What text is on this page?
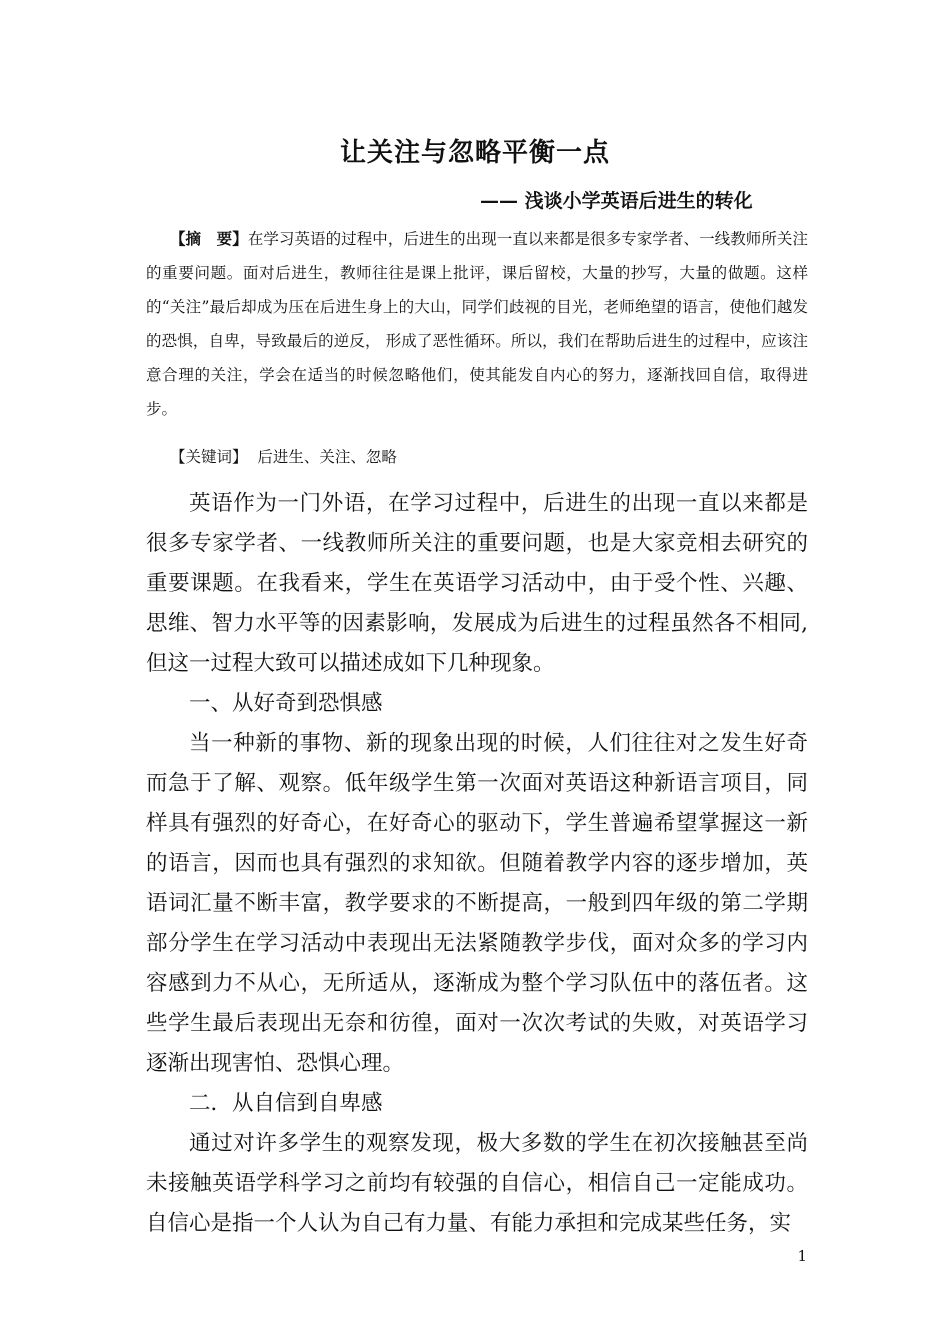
让关注与忽略平衡一点
—— 浅谈小学英语后进生的转化

【摘　要】在学习英语的过程中，后进生的出现一直以来都是很多专家学者、一线教师所关注的重要问题。面对后进生，教师往往是课上批评，课后留校，大量的抄写，大量的做题。这样的“关注”最后却成为压在后进生身上的大山，同学们歧视的目光，老师绝望的语言，使他们越发的恐惧，自卑，导致最后的逆反， 形成了恶性循环。所以，我们在帮助后进生的过程中，应该注意合理的关注，学会在适当的时候忽略他们，使其能发自内心的努力，逐渐找回自信，取得进步。

【关键词】 后进生、关注、忽略

英语作为一门外语，在学习过程中，后进生的出现一直以来都是很多专家学者、一线教师所关注的重要问题，也是大家竞相去研究的重要课题。在我看来，学生在英语学习活动中，由于受个性、兴趣、思维、智力水平等的因素影响，发展成为后进生的过程虽然各不相同,但这一过程大致可以描述成如下几种现象。

一、从好奇到恐惧感

当一种新的事物、新的现象出现的时候，人们往往对之发生好奇而急于了解、观察。低年级学生第一次面对英语这种新语言项目，同样具有强烈的好奇心，在好奇心的驱动下，学生普遍希望掌握这一新的语言，因而也具有强烈的求知欲。但随着教学内容的逐步增加，英语词汇量不断丰富，教学要求的不断提高，一般到四年级的第二学期部分学生在学习活动中表现出无法紧随教学步伐，面对众多的学习内容感到力不从心，无所适从，逐渐成为整个学习队伍中的落伍者。这些学生最后表现出无奈和彷徨，面对一次次考试的失败，对英语学习逐渐出现害怕、恐惧心理。

二．从自信到自卑感

通过对许多学生的观察发现，极大多数的学生在初次接触甚至尚未接触英语学科学习之前均有较强的自信心，相信自己一定能成功。自信心是指一个人认为自己有力量、有能力承担和完成某些任务，实

1
